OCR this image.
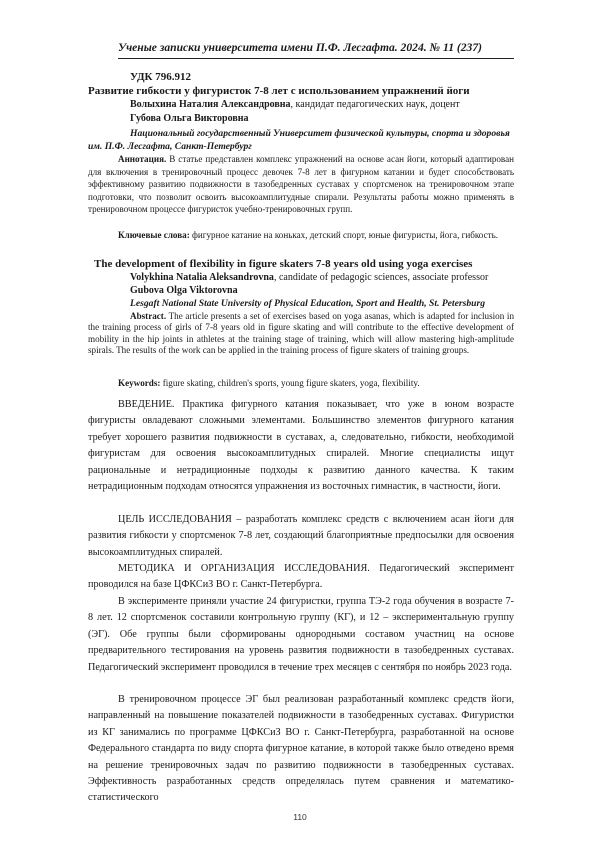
Ученые записки университета имени П.Ф. Лесгафта. 2024. № 11 (237)
УДК 796.912
Развитие гибкости у фигуристок 7-8 лет с использованием упражнений йоги
Волыхина Наталия Александровна, кандидат педагогических наук, доцент
Губова Ольга Викторовна
Национальный государственный Университет физической культуры, спорта и здоровья им. П.Ф. Лесгафта, Санкт-Петербург
Аннотация. В статье представлен комплекс упражнений на основе асан йоги, который адаптирован для включения в тренировочный процесс девочек 7-8 лет в фигурном катании и будет способствовать эффективному развитию подвижности в тазобедренных суставах у спортсменок на тренировочном этапе подготовки, что позволит освоить высокоамплитудные спирали. Результаты работы можно применять в тренировочном процессе фигуристок учебно-тренировочных групп.
Ключевые слова: фигурное катание на коньках, детский спорт, юные фигуристы, йога, гибкость.
The development of flexibility in figure skaters 7-8 years old using yoga exercises
Volykhina Natalia Aleksandrovna, candidate of pedagogic sciences, associate professor
Gubova Olga Viktorovna
Lesgaft National State University of Physical Education, Sport and Health, St. Petersburg
Abstract. The article presents a set of exercises based on yoga asanas, which is adapted for inclusion in the training process of girls of 7-8 years old in figure skating and will contribute to the effective development of mobility in the hip joints in athletes at the training stage of training, which will allow mastering high-amplitude spirals. The results of the work can be applied in the training process of figure skaters of training groups.
Keywords: figure skating, children's sports, young figure skaters, yoga, flexibility.
ВВЕДЕНИЕ. Практика фигурного катания показывает, что уже в юном возрасте фигуристы овладевают сложными элементами. Большинство элементов фигурного катания требует хорошего развития подвижности в суставах, а, следовательно, гибкости, необходимой фигуристам для освоения высокоамплитудных спиралей. Многие специалисты ищут рациональные и нетрадиционные подходы к развитию данного качества. К таким нетрадиционным подходам относятся упражнения из восточных гимнастик, в частности, йоги.
ЦЕЛЬ ИССЛЕДОВАНИЯ – разработать комплекс средств с включением асан йоги для развития гибкости у спортсменок 7-8 лет, создающий благоприятные предпосылки для освоения высокоамплитудных спиралей.
МЕТОДИКА И ОРГАНИЗАЦИЯ ИССЛЕДОВАНИЯ. Педагогический эксперимент проводился на базе ЦФКСиЗ ВО г. Санкт-Петербурга.
В эксперименте приняли участие 24 фигуристки, группа ТЭ-2 года обучения в возрасте 7-8 лет. 12 спортсменок составили контрольную группу (КГ), и 12 – экспериментальную группу (ЭГ). Обе группы были сформированы однородными составом участниц на основе предварительного тестирования на уровень развития подвижности в тазобедренных суставах. Педагогический эксперимент проводился в течение трех месяцев с сентября по ноябрь 2023 года.
В тренировочном процессе ЭГ был реализован разработанный комплекс средств йоги, направленный на повышение показателей подвижности в тазобедренных суставах. Фигуристки из КГ занимались по программе ЦФКСиЗ ВО г. Санкт-Петербурга, разработанной на основе Федерального стандарта по виду спорта фигурное катание, в которой также было отведено время на решение тренировочных задач по развитию подвижности в тазобедренных суставах. Эффективность разработанных средств определялась путем сравнения и математико-статистического
110
